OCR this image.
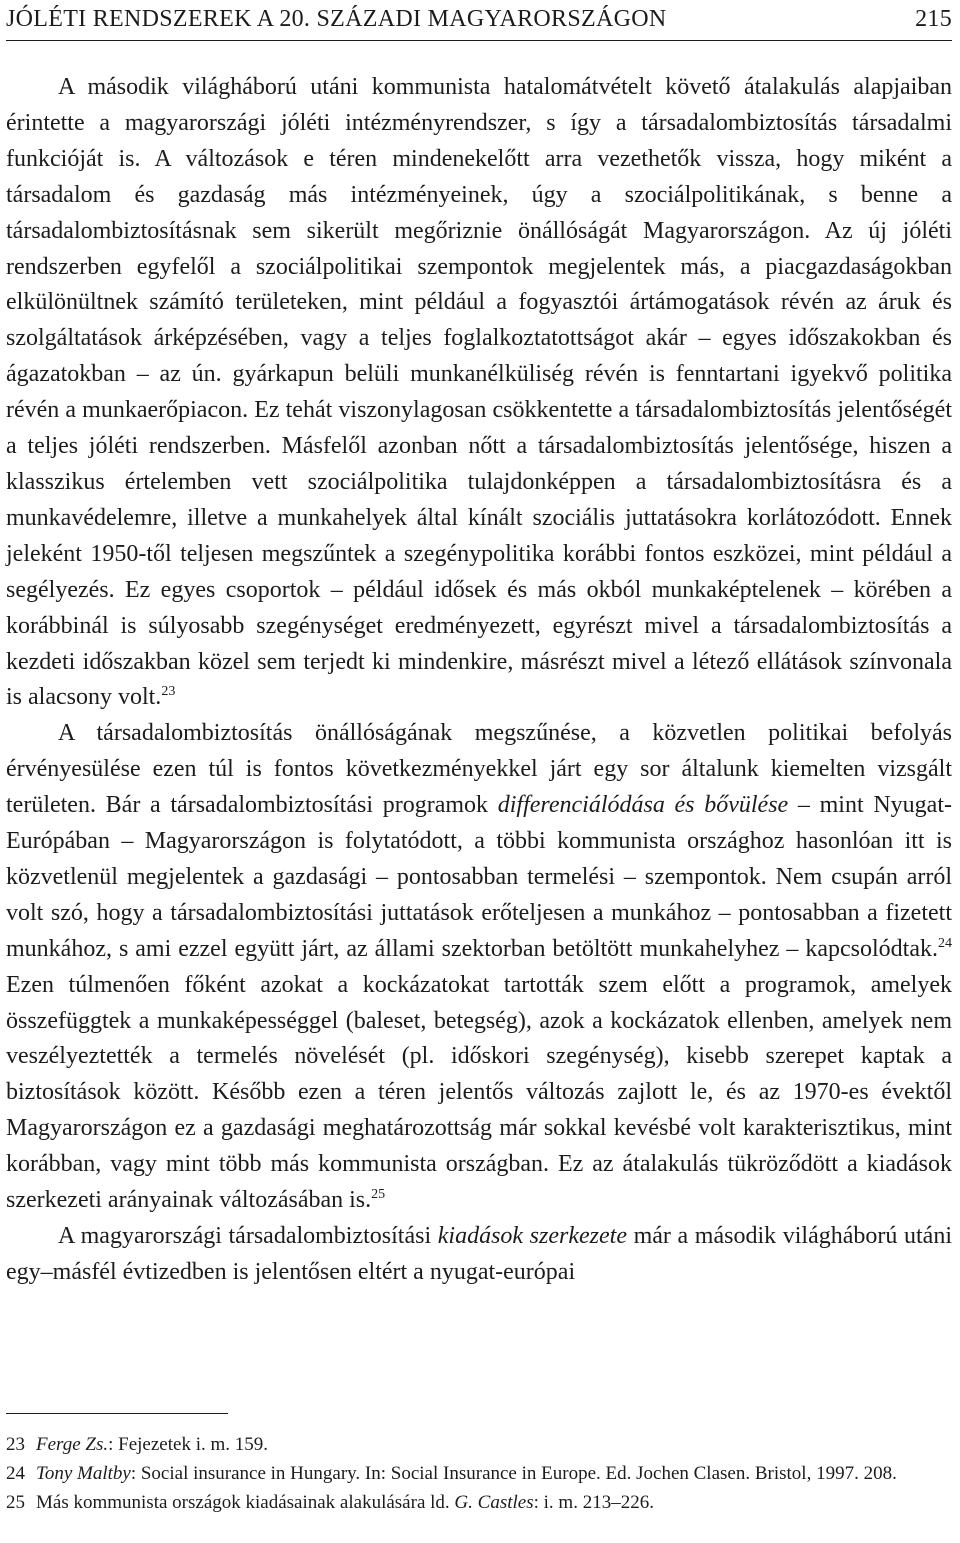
JÓLÉTI RENDSZEREK A 20. SZÁZADI MAGYARORSZÁGON	215

A második világháború utáni kommunista hatalomátvételt követő átalakulás alapjaiban érintette a magyarországi jóléti intézményrendszer, s így a társadalombiztosítás társadalmi funkcióját is. A változások e téren mindenekelőtt arra vezethetők vissza, hogy miként a társadalom és gazdaság más intézményeinek, úgy a szociálpolitikának, s benne a társadalombiztosításnak sem sikerült megőriznie önállóságát Magyarországon. Az új jóléti rendszerben egyfelől a szociálpolitikai szempontok megjelentek más, a piacgazdaságokban elkülönültnek számító területeken, mint például a fogyasztói ártámogatások révén az áruk és szolgáltatások árképzésében, vagy a teljes foglalkoztatottságot akár – egyes időszakokban és ágazatokban – az ún. gyárkapun belüli munkanélküliség révén is fenntartani igyekvő politika révén a munkaerőpiacon. Ez tehát viszonylagosan csökkentette a társadalombiztosítás jelentőségét a teljes jóléti rendszerben. Másfelől azonban nőtt a társadalombiztosítás jelentősége, hiszen a klasszikus értelemben vett szociálpolitika tulajdonképpen a társadalombiztosításra és a munkavédelemre, illetve a munkahelyek által kínált szociális juttatásokra korlátozódott. Ennek jeleként 1950-től teljesen megszűntek a szegénypolitika korábbi fontos eszközei, mint például a segélyezés. Ez egyes csoportok – például idősek és más okból munkaképtelenek – körében a korábbinál is súlyosabb szegénységet eredményezett, egyrészt mivel a társadalombiztosítás a kezdeti időszakban közel sem terjedt ki mindenkire, másrészt mivel a létező ellátások színvonala is alacsony volt.$^{23}$

A társadalombiztosítás önállóságának megszűnése, a közvetlen politikai befolyás érvényesülése ezen túl is fontos következményekkel járt egy sor általunk kiemelten vizsgált területen. Bár a társadalombiztosítási programok differenciálódása és bővülése – mint Nyugat-Európában – Magyarországon is folytatódott, a többi kommunista országhoz hasonlóan itt is közvetlenül megjelentek a gazdasági – pontosabban termelési – szempontok. Nem csupán arról volt szó, hogy a társadalombiztosítási juttatások erőteljesen a munkához – pontosabban a fizetett munkához, s ami ezzel együtt járt, az állami szektorban betöltött munkahelyhez – kapcsolódtak.$^{24}$ Ezen túlmenően főként azokat a kockázatokat tartották szem előtt a programok, amelyek összefüggtek a munkaképességgel (baleset, betegség), azok a kockázatok ellenben, amelyek nem veszélyeztették a termelés növelését (pl. időskori szegénység), kisebb szerepet kaptak a biztosítások között. Később ezen a téren jelentős változás zajlott le, és az 1970-es évektől Magyarországon ez a gazdasági meghatározottság már sokkal kevésbé volt karakterisztikus, mint korábban, vagy mint több más kommunista országban. Ez az átalakulás tükröződött a kiadások szerkezeti arányainak változásában is.$^{25}$

A magyarországi társadalombiztosítási kiadások szerkezete már a második világháború utáni egy–másfél évtizedben is jelentősen eltért a nyugat-európai

23 Ferge Zs.: Fejezetek i. m. 159.
24 Tony Maltby: Social insurance in Hungary. In: Social Insurance in Europe. Ed. Jochen Clasen. Bristol, 1997. 208.
25 Más kommunista országok kiadásainak alakulására ld. G. Castles: i. m. 213–226.
